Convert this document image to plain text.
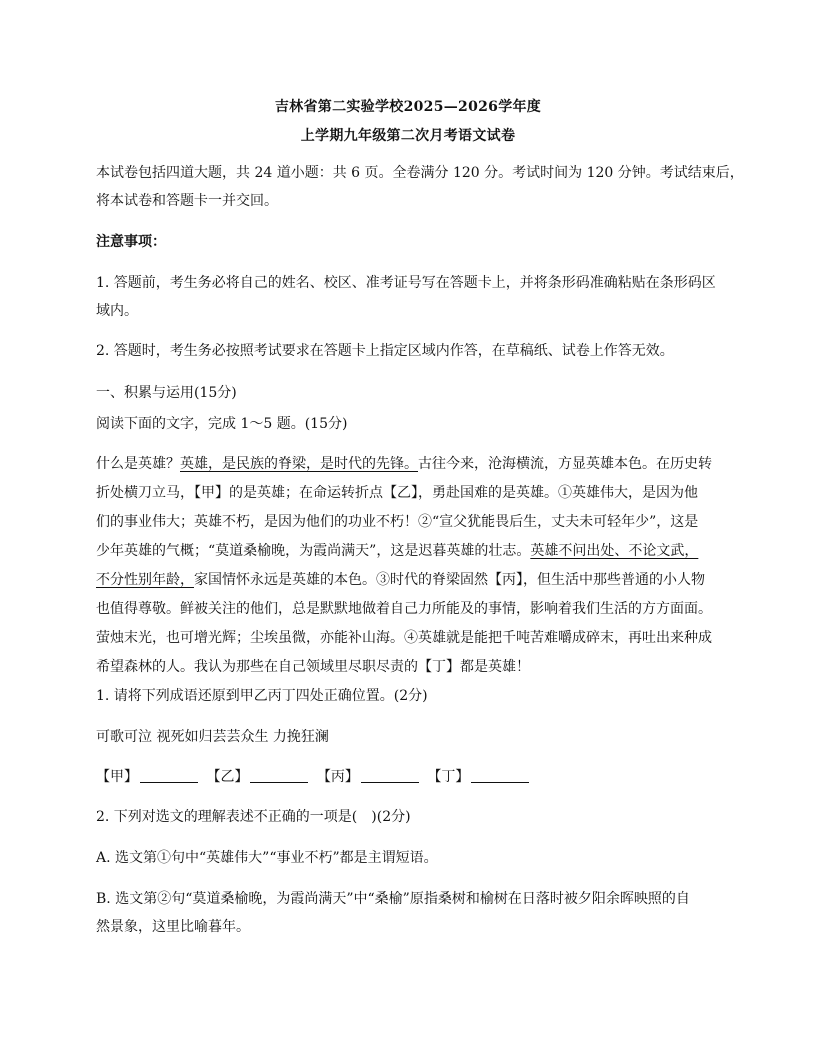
吉林省第二实验学校2025—2026学年度
上学期九年级第二次月考语文试卷

本试卷包括四道大题，共 24 道小题：共 6 页。全卷满分 120 分。考试时间为 120 分钟。考试结束后，
将本试卷和答题卡一并交回。

注意事项：

1. 答题前，考生务必将自己的姓名、校区、准考证号写在答题卡上，并将条形码准确粘贴在条形码区
域内。

2. 答题时，考生务必按照考试要求在答题卡上指定区域内作答，在草稿纸、试卷上作答无效。

一、积累与运用(15分)

阅读下面的文字，完成 1～5 题。(15分)

什么是英雄？英雄，是民族的脊梁，是时代的先锋。古往今来，沧海横流，方显英雄本色。在历史转
折处横刀立马，【甲】的是英雄；在命运转折点【乙】，勇赴国难的是英雄。①英雄伟大，是因为他
们的事业伟大；英雄不朽，是因为他们的功业不朽！②“宣父犹能畏后生，丈夫未可轻年少”，这是
少年英雄的气概；“莫道桑榆晚，为霞尚满天”，这是迟暮英雄的壮志。英雄不问出处、不论文武，
不分性别年龄，家国情怀永远是英雄的本色。③时代的脊梁固然【丙】，但生活中那些普通的小人物
也值得尊敬。鲜被关注的他们，总是默默地做着自己力所能及的事情，影响着我们生活的方方面面。
萤烛末光，也可增光辉；尘埃虽微，亦能补山海。④英雄就是能把千吨苦难嚼成碎末，再吐出来种成
希望森林的人。我认为那些在自己领域里尽职尽责的【丁】都是英雄！

1. 请将下列成语还原到甲乙丙丁四处正确位置。(2分)

可歌可泣 视死如归芸芸众生 力挽狂澜

【甲】	【乙】	【丙】	【丁】

2. 下列对选文的理解表述不正确的一项是(　)(2分)

A. 选文第①句中“英雄伟大”“事业不朽”都是主谓短语。

B. 选文第②句“莫道桑榆晚，为霞尚满天”中“桑榆”原指桑树和榆树在日落时被夕阳余晖映照的自
然景象，这里比喻暮年。
